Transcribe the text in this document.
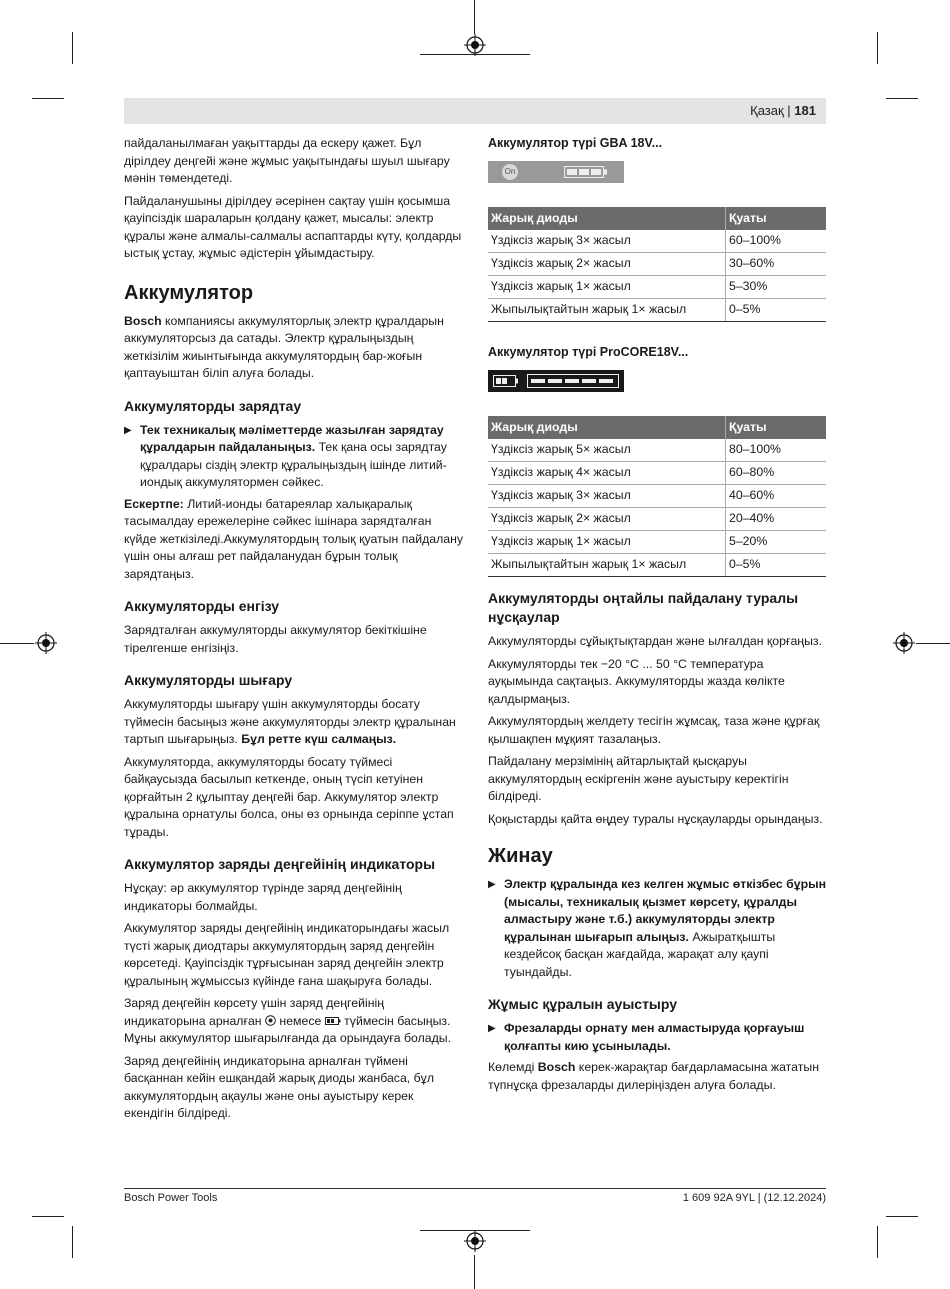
Қазақ | 181

пайдаланылмаған уақыттарды да ескеру қажет. Бұл дірілдеу деңгейі және жұмыс уақытындағы шуыл шығару мәнін төмендетеді.

Пайдаланушыны дірілдеу әсерінен сақтау үшін қосымша қауіпсіздік шараларын қолдану қажет, мысалы: электр құралы және алмалы-салмалы аспаптарды күту, қолдарды ыстық ұстау, жұмыс әдістерін ұйымдастыру.

Аккумулятор

Bosch компаниясы аккумуляторлық электр құралдарын аккумуляторсыз да сатады. Электр құралыңыздың жеткізілім жиынтығында аккумулятордың бар-жоғын қаптауыштан біліп алуға болады.

Аккумуляторды зарядтау
▶ Тек техникалық мәліметтерде жазылған зарядтау құралдарын пайдаланыңыз. Тек қана осы зарядтау құралдары сіздің электр құралыңыздың ішінде литий-иондық аккумулятормен сәйкес.

Ескертпе: Литий-ионды батареялар халықаралық тасымалдау ережелеріне сәйкес ішінара зарядталған күйде жеткізіледі.Аккумулятордың толық қуатын пайдалану үшін оны алғаш рет пайдаланудан бұрын толық зарядтаңыз.

Аккумуляторды енгізу

Зарядталған аккумуляторды аккумулятор бекіткішіне тірелгенше енгізіңіз.

Аккумуляторды шығару

Аккумуляторды шығару үшін аккумуляторды босату түймесін басыңыз және аккумуляторды электр құралынан тартып шығарыңыз. Бұл ретте күш салмаңыз.

Аккумуляторда, аккумуляторды босату түймесі байқаусызда басылып кеткенде, оның түсіп кетуінен қорғайтын 2 құлыптау деңгейі бар. Аккумулятор электр құралына орнатулы болса, оны өз орнында серіппе ұстап тұрады.

Аккумулятор заряды деңгейінің индикаторы

Нұсқау: әр аккумулятор түрінде заряд деңгейінің индикаторы болмайды.

Аккумулятор заряды деңгейінің индикаторындағы жасыл түсті жарық диодтары аккумулятордың заряд деңгейін көрсетеді. Қауіпсіздік тұрғысынан заряд деңгейін электр құралының жұмыссыз күйінде ғана шақыруға болады.

Заряд деңгейін көрсету үшін заряд деңгейінің индикаторына арналған  немесе  түймесін басыңыз. Мұны аккумулятор шығарылғанда да орындауға болады.

Заряд деңгейінің индикаторына арналған түймені басқаннан кейін ешқандай жарық диоды жанбаса, бұл аккумулятордың ақаулы және оны ауыстыру керек екендігін білдіреді.

Аккумулятор түрі GBA 18V...
On
Жарық диоды	Қуаты
Үздіксіз жарық 3× жасыл	60–100%
Үздіксіз жарық 2× жасыл	30–60%
Үздіксіз жарық 1× жасыл	5–30%
Жыпылықтайтын жарық 1× жасыл	0–5%
Аккумулятор түрі ProCORE18V...
Жарық диоды	Қуаты
Үздіксіз жарық 5× жасыл	80–100%
Үздіксіз жарық 4× жасыл	60–80%
Үздіксіз жарық 3× жасыл	40–60%
Үздіксіз жарық 2× жасыл	20–40%
Үздіксіз жарық 1× жасыл	5–20%
Жыпылықтайтын жарық 1× жасыл	0–5%
Аккумуляторды оңтайлы пайдалану туралы нұсқаулар

Аккумуляторды сұйықтықтардан және ылғалдан қорғаңыз.

Аккумуляторды тек −20 °C ... 50 °C температура ауқымында сақтаңыз. Аккумуляторды жазда көлікте қалдырмаңыз.

Аккумулятордың желдету тесігін жұмсақ, таза және құрғақ қылшақпен мұқият тазалаңыз.

Пайдалану мерзімінің айтарлықтай қысқаруы аккумулятордың ескіргенін және ауыстыру керектігін білдіреді.

Қоқыстарды қайта өңдеу туралы нұсқауларды орындаңыз.

Жинау
▶ Электр құралында кез келген жұмыс өткізбес бұрын (мысалы, техникалық қызмет көрсету, құралды алмастыру және т.б.) аккумуляторды электр құралынан шығарып алыңыз. Ажыратқышты кездейсоқ басқан жағдайда, жарақат алу қаупі туындайды.
Жұмыс құралын ауыстыру
▶ Фрезаларды орнату мен алмастыруда қорғауыш қолғапты кию ұсынылады.

Көлемді Bosch керек-жарақтар бағдарламасына жататын түпнұсқа фрезаларды дилеріңізден алуға болады.

Bosch Power Tools	1 609 92A 9YL | (12.12.2024)
